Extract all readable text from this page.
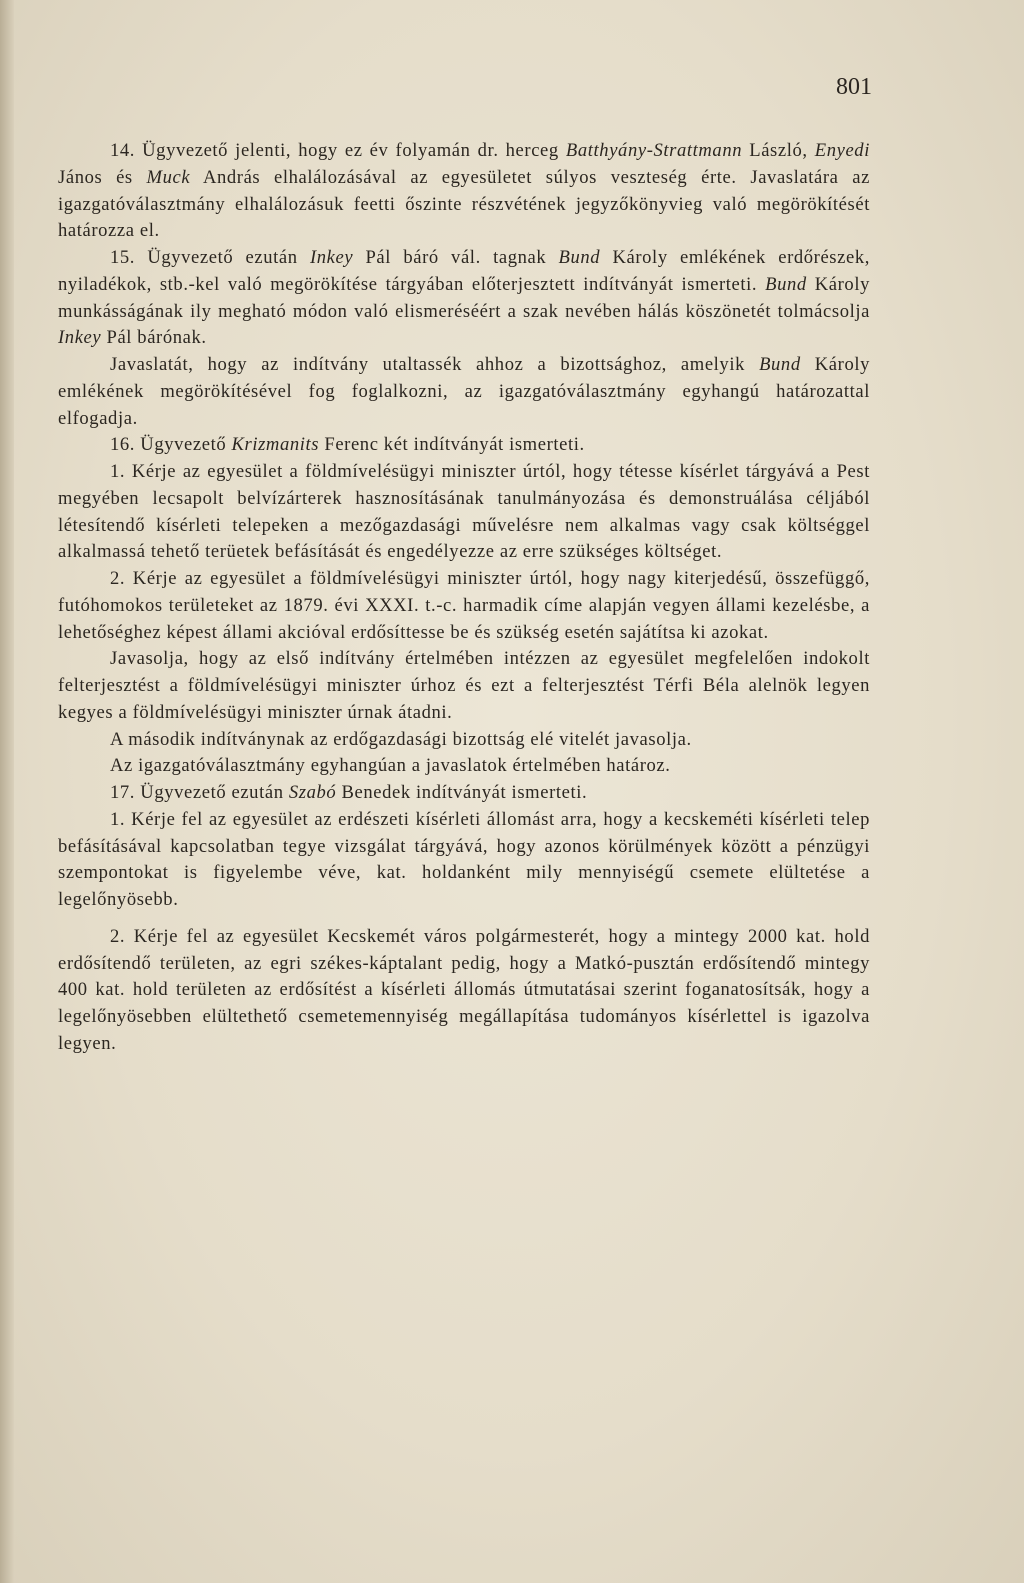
801

14. Ügyvezető jelenti, hogy ez év folyamán dr. herceg Batthyány-Strattmann László, Enyedi János és Muck András elhalálozásával az egyesületet súlyos veszteség érte. Javaslatára az igazgatóválasztmány elhalálozásuk feetti őszinte részvétének jegyzőkönyvieg való megörökítését határozza el.

15. Ügyvezető ezután Inkey Pál báró vál. tagnak Bund Károly emlékének erdőrészek, nyiladékok, stb.-kel való megörökítése tárgyában előterjesztett indítványát ismerteti. Bund Károly munkásságának ily megható módon való elismeréséért a szak nevében hálás köszönetét tolmácsolja Inkey Pál bárónak.

Javaslatát, hogy az indítvány utaltassék ahhoz a bizottsághoz, amelyik Bund Károly emlékének megörökítésével fog foglalkozni, az igazgatóválasztmány egyhangú határozattal elfogadja.

16. Ügyvezető Krizmanits Ferenc két indítványát ismerteti.

1. Kérje az egyesület a földmívelésügyi miniszter úrtól, hogy tétesse kísérlet tárgyává a Pest megyében lecsapolt belvízárterek hasznosításának tanulmányozása és demonstruálása céljából létesítendő kísérleti telepeken a mezőgazdasági művelésre nem alkalmas vagy csak költséggel alkalmassá tehető terüetek befásítását és engedélyezze az erre szükséges költséget.

2. Kérje az egyesület a földmívelésügyi miniszter úrtól, hogy nagy kiterjedésű, összefüggő, futóhomokos területeket az 1879. évi XXXI. t.-c. harmadik címe alapján vegyen állami kezelésbe, a lehetőséghez képest állami akcióval erdősíttesse be és szükség esetén sajátítsa ki azokat.

Javasolja, hogy az első indítvány értelmében intézzen az egyesület megfelelően indokolt felterjesztést a földmívelésügyi miniszter úrhoz és ezt a felterjesztést Térfi Béla alelnök legyen kegyes a földmívelésügyi miniszter úrnak átadni.

A második indítványnak az erdőgazdasági bizottság elé vitelét javasolja.

Az igazgatóválasztmány egyhangúan a javaslatok értelmében határoz.

17. Ügyvezető ezután Szabó Benedek indítványát ismerteti.

1. Kérje fel az egyesület az erdészeti kísérleti állomást arra, hogy a kecskeméti kísérleti telep befásításával kapcsolatban tegye vizsgálat tárgyává, hogy azonos körülmények között a pénzügyi szempontokat is figyelembe véve, kat. holdanként mily mennyiségű csemete elültetése a legelőnyösebb.

2. Kérje fel az egyesület Kecskemét város polgármesterét, hogy a mintegy 2000 kat. hold erdősítendő területen, az egri székes-káptalant pedig, hogy a Matkó-pusztán erdősítendő mintegy 400 kat. hold területen az erdősítést a kísérleti állomás útmutatásai szerint foganatosítsák, hogy a legelőnyösebben elültethető csemetemennyiség megállapítása tudományos kísérlettel is igazolva legyen.
